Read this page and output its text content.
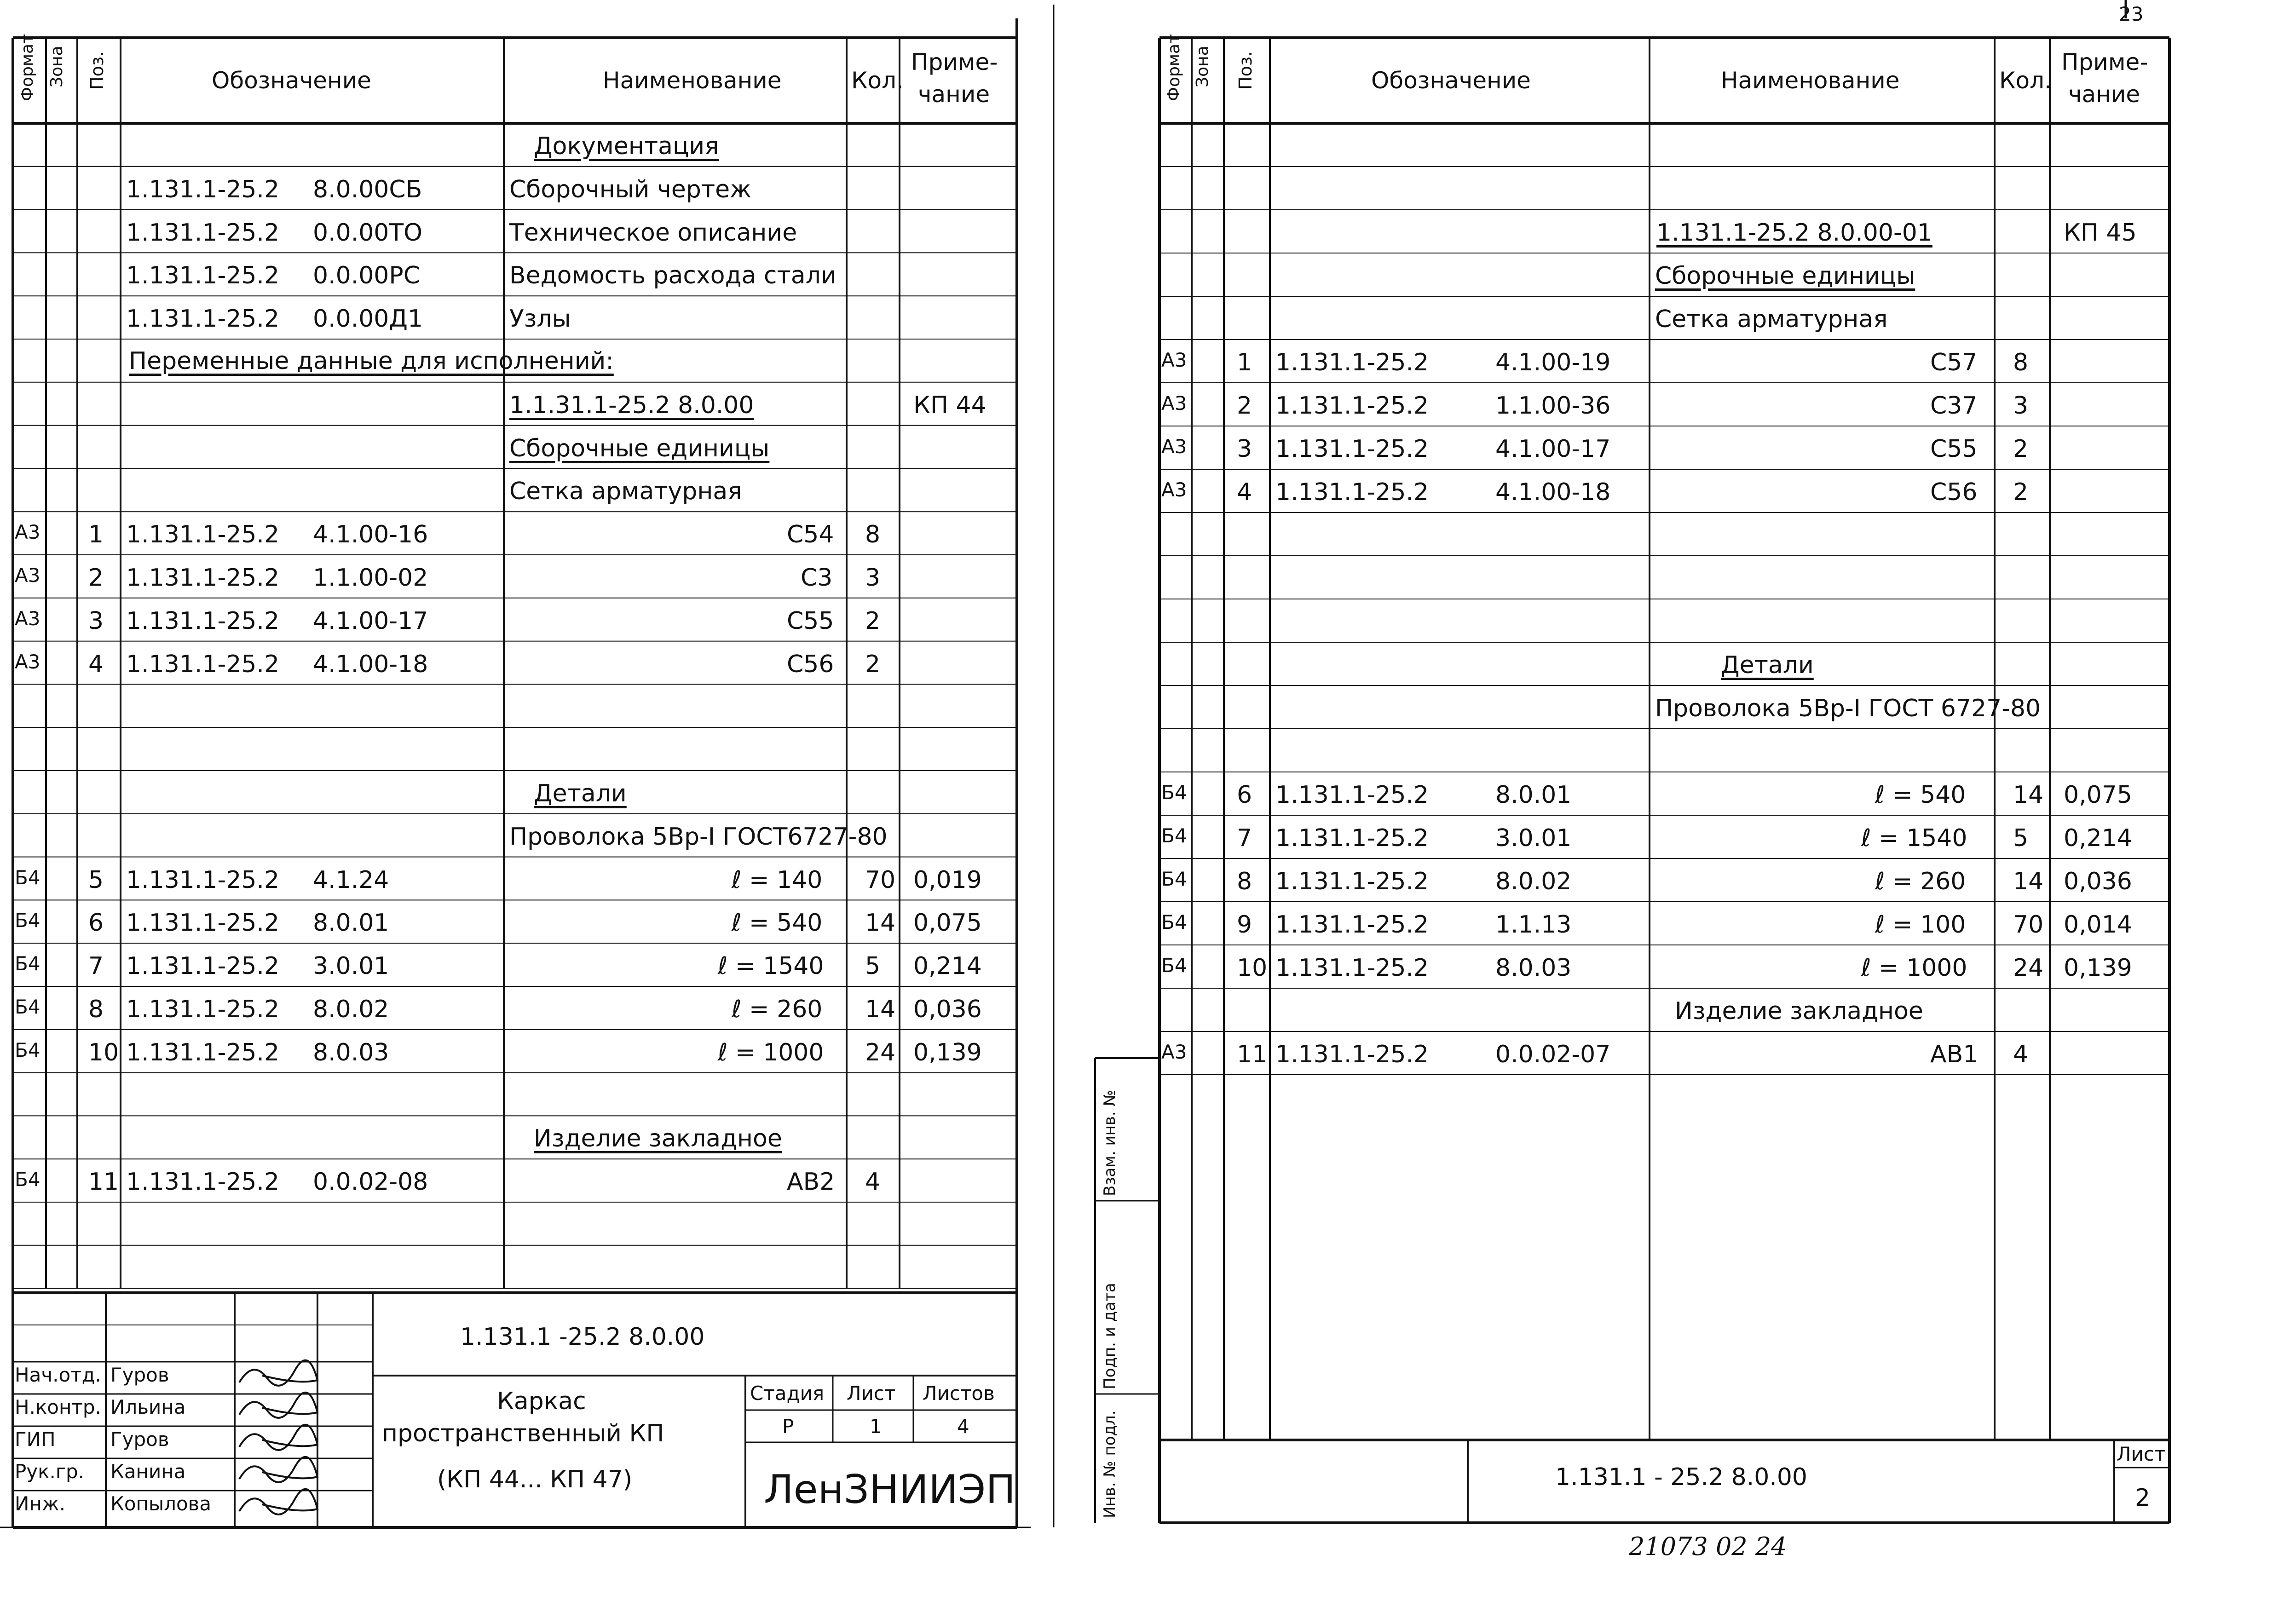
23
21073 02 24
Формат Зона Поз.	Обозначение	Наименование	Кол.
Приме-
чание
Документация
1.131.1-25.2 8.0.00СБ	Сборочный чертеж
1.131.1-25.2 0.0.00ТО	Техническое описание
1.131.1-25.2 0.0.00РС	Ведомость расхода стали
1.131.1-25.2 0.0.00Д1	Узлы
1.1.31.1-25.2 8.0.00	КП 44
Сборочные единицы
Сетка арматурная
А3 1 1.131.1-25.2 4.1.00-16	С54 8
А3 2 1.131.1-25.2 1.1.00-02	С3 3
А3 3 1.131.1-25.2 4.1.00-17	С55 2
А3 4 1.131.1-25.2 4.1.00-18	С56 2
Детали
Проволока 5Вр-I ГОСТ6727-80
Б4 5 1.131.1-25.2 4.1.24	ℓ = 140 70 0,019
Б4 6 1.131.1-25.2 8.0.01	ℓ = 540 14 0,075
Б4 7 1.131.1-25.2 3.0.01	ℓ = 1540 5 0,214
Б4 8 1.131.1-25.2 8.0.02	ℓ = 260 14 0,036
Б4 10 1.131.1-25.2 8.0.03	ℓ = 1000 24 0,139
Изделие закладное
Б4 11 1.131.1-25.2 0.0.02-08	АВ2 4
Переменные данные для исполнений:
Нач.отд. Гуров
Н.контр. Ильина
ГИП	Гуров
Рук.гр. Канина
Инж. Копылова
1.131.1 -25.2 8.0.00
Каркас
пространственный КП
(КП 44... КП 47)
Стадия Лист Листов
Р	1	4
ЛенЗНИИЭП
Формат Зона Поз.	Обозначение	Наименование	Кол.
Приме-
чание
1.131.1-25.2 8.0.00-01	КП 45
Сборочные единицы
Сетка арматурная
А3 1 1.131.1-25.2	4.1.00-19	С57 8
А3 2 1.131.1-25.2	1.1.00-36	С37 3
А3 3 1.131.1-25.2	4.1.00-17	С55 2
А3 4 1.131.1-25.2	4.1.00-18	С56 2
Детали
Проволока 5Вр-I ГОСТ 6727-80
Б4 6 1.131.1-25.2	8.0.01	ℓ = 540 14 0,075
Б4 7 1.131.1-25.2	3.0.01	ℓ = 1540 5 0,214
Б4 8 1.131.1-25.2	8.0.02	ℓ = 260 14 0,036
Б4 9 1.131.1-25.2	1.1.13	ℓ = 100 70 0,014
Б4 10 1.131.1-25.2	8.0.03	ℓ = 1000 24 0,139
Изделие закладное
А3 11 1.131.1-25.2	0.0.02-07	АВ1 4
Инв. № подл.
Подп. и дата
Взам. инв. №
1.131.1 - 25.2 8.0.00
Лист
2
